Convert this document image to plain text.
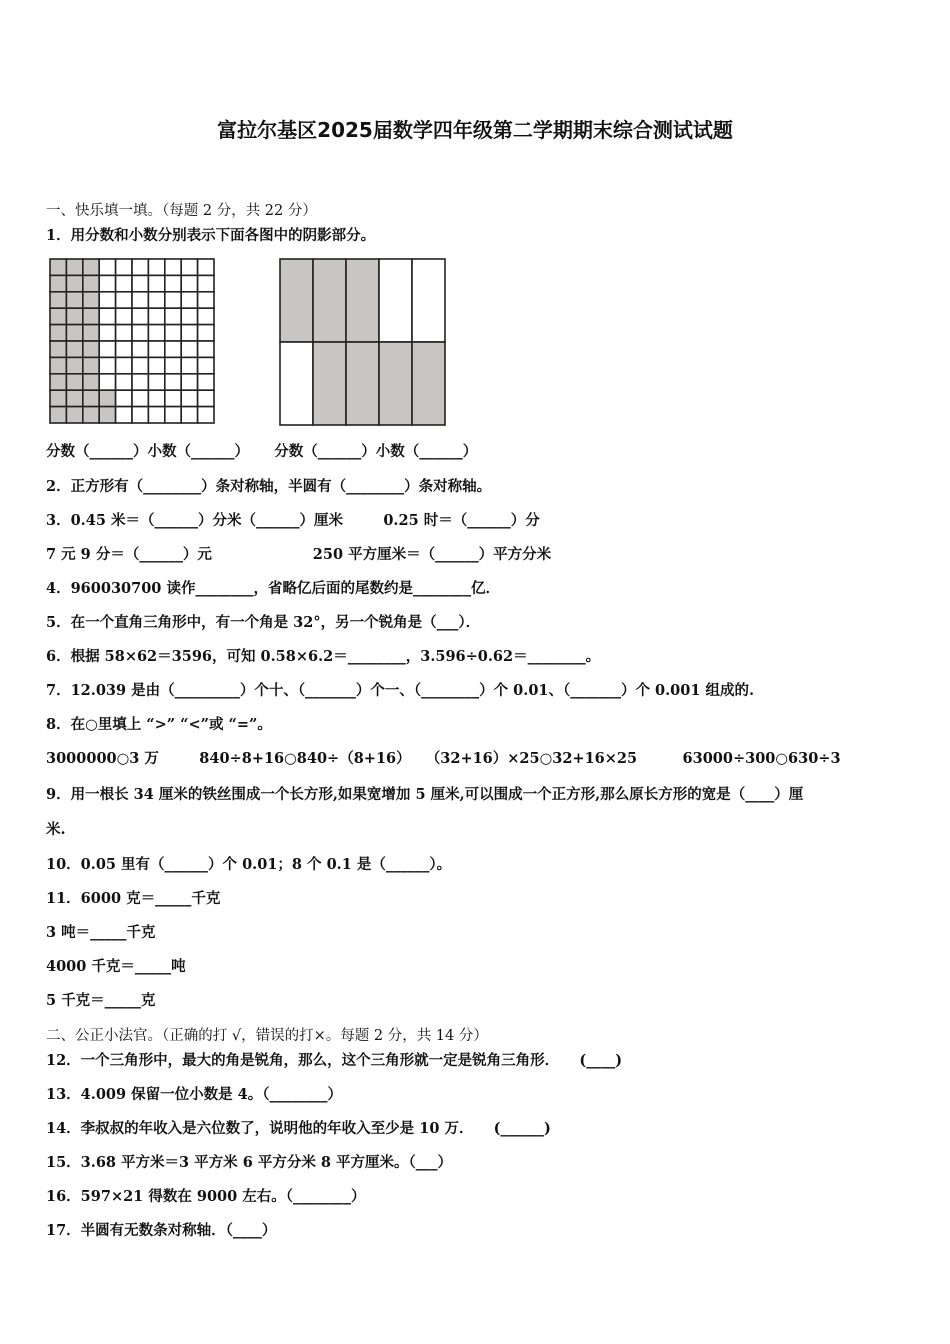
富拉尔基区2025届数学四年级第二学期期末综合测试试题
一、快乐填一填。（每题 2 分，共 22 分）
1．用分数和小数分别表示下面各图中的阴影部分。
分数（______）小数（______）     分数（______）小数（______）
2．正方形有（________）条对称轴，半圆有（________）条对称轴。
3．0.45 米＝（______）分米（______）厘米        0.25 时＝（______）分
7 元 9 分＝（______）元                    250 平方厘米＝（______）平方分米
4．960030700 读作________，省略亿后面的尾数约是________亿．
5．在一个直角三角形中，有一个角是 32°，另一个锐角是（___）．
6．根据 58×62＝3596，可知 0.58×6.2＝________，3.596÷0.62＝________。
7．12.039 是由（_________）个十、（_______）个一、（________）个 0.01、（_______）个 0.001 组成的.
8．在○里填上 “>” “<”或 “=”。
3000000○3 万        840÷8+16○840÷（8+16）   （32+16）×25○32+16×25         63000÷300○630÷3
9．用一根长 34 厘米的铁丝围成一个长方形,如果宽增加 5 厘米,可以围成一个正方形,那么原长方形的宽是（____）厘
米.
10．0.05 里有（______）个 0.01；8 个 0.1 是（______）。
11．6000 克＝_____千克
3 吨＝_____千克
4000 千克＝_____吨
5 千克＝_____克
二、公正小法官。（正确的打 √，错误的打×。每题 2 分，共 14 分）
12．一个三角形中，最大的角是锐角，那么，这个三角形就一定是锐角三角形．    (____)
13．4.009 保留一位小数是 4。（________）
14．李叔叔的年收入是六位数了，说明他的年收入至少是 10 万．    (______)
15．3.68 平方米＝3 平方米 6 平方分米 8 平方厘米。（___）
16．597×21 得数在 9000 左右。（________）
17．半圆有无数条对称轴．（____）
